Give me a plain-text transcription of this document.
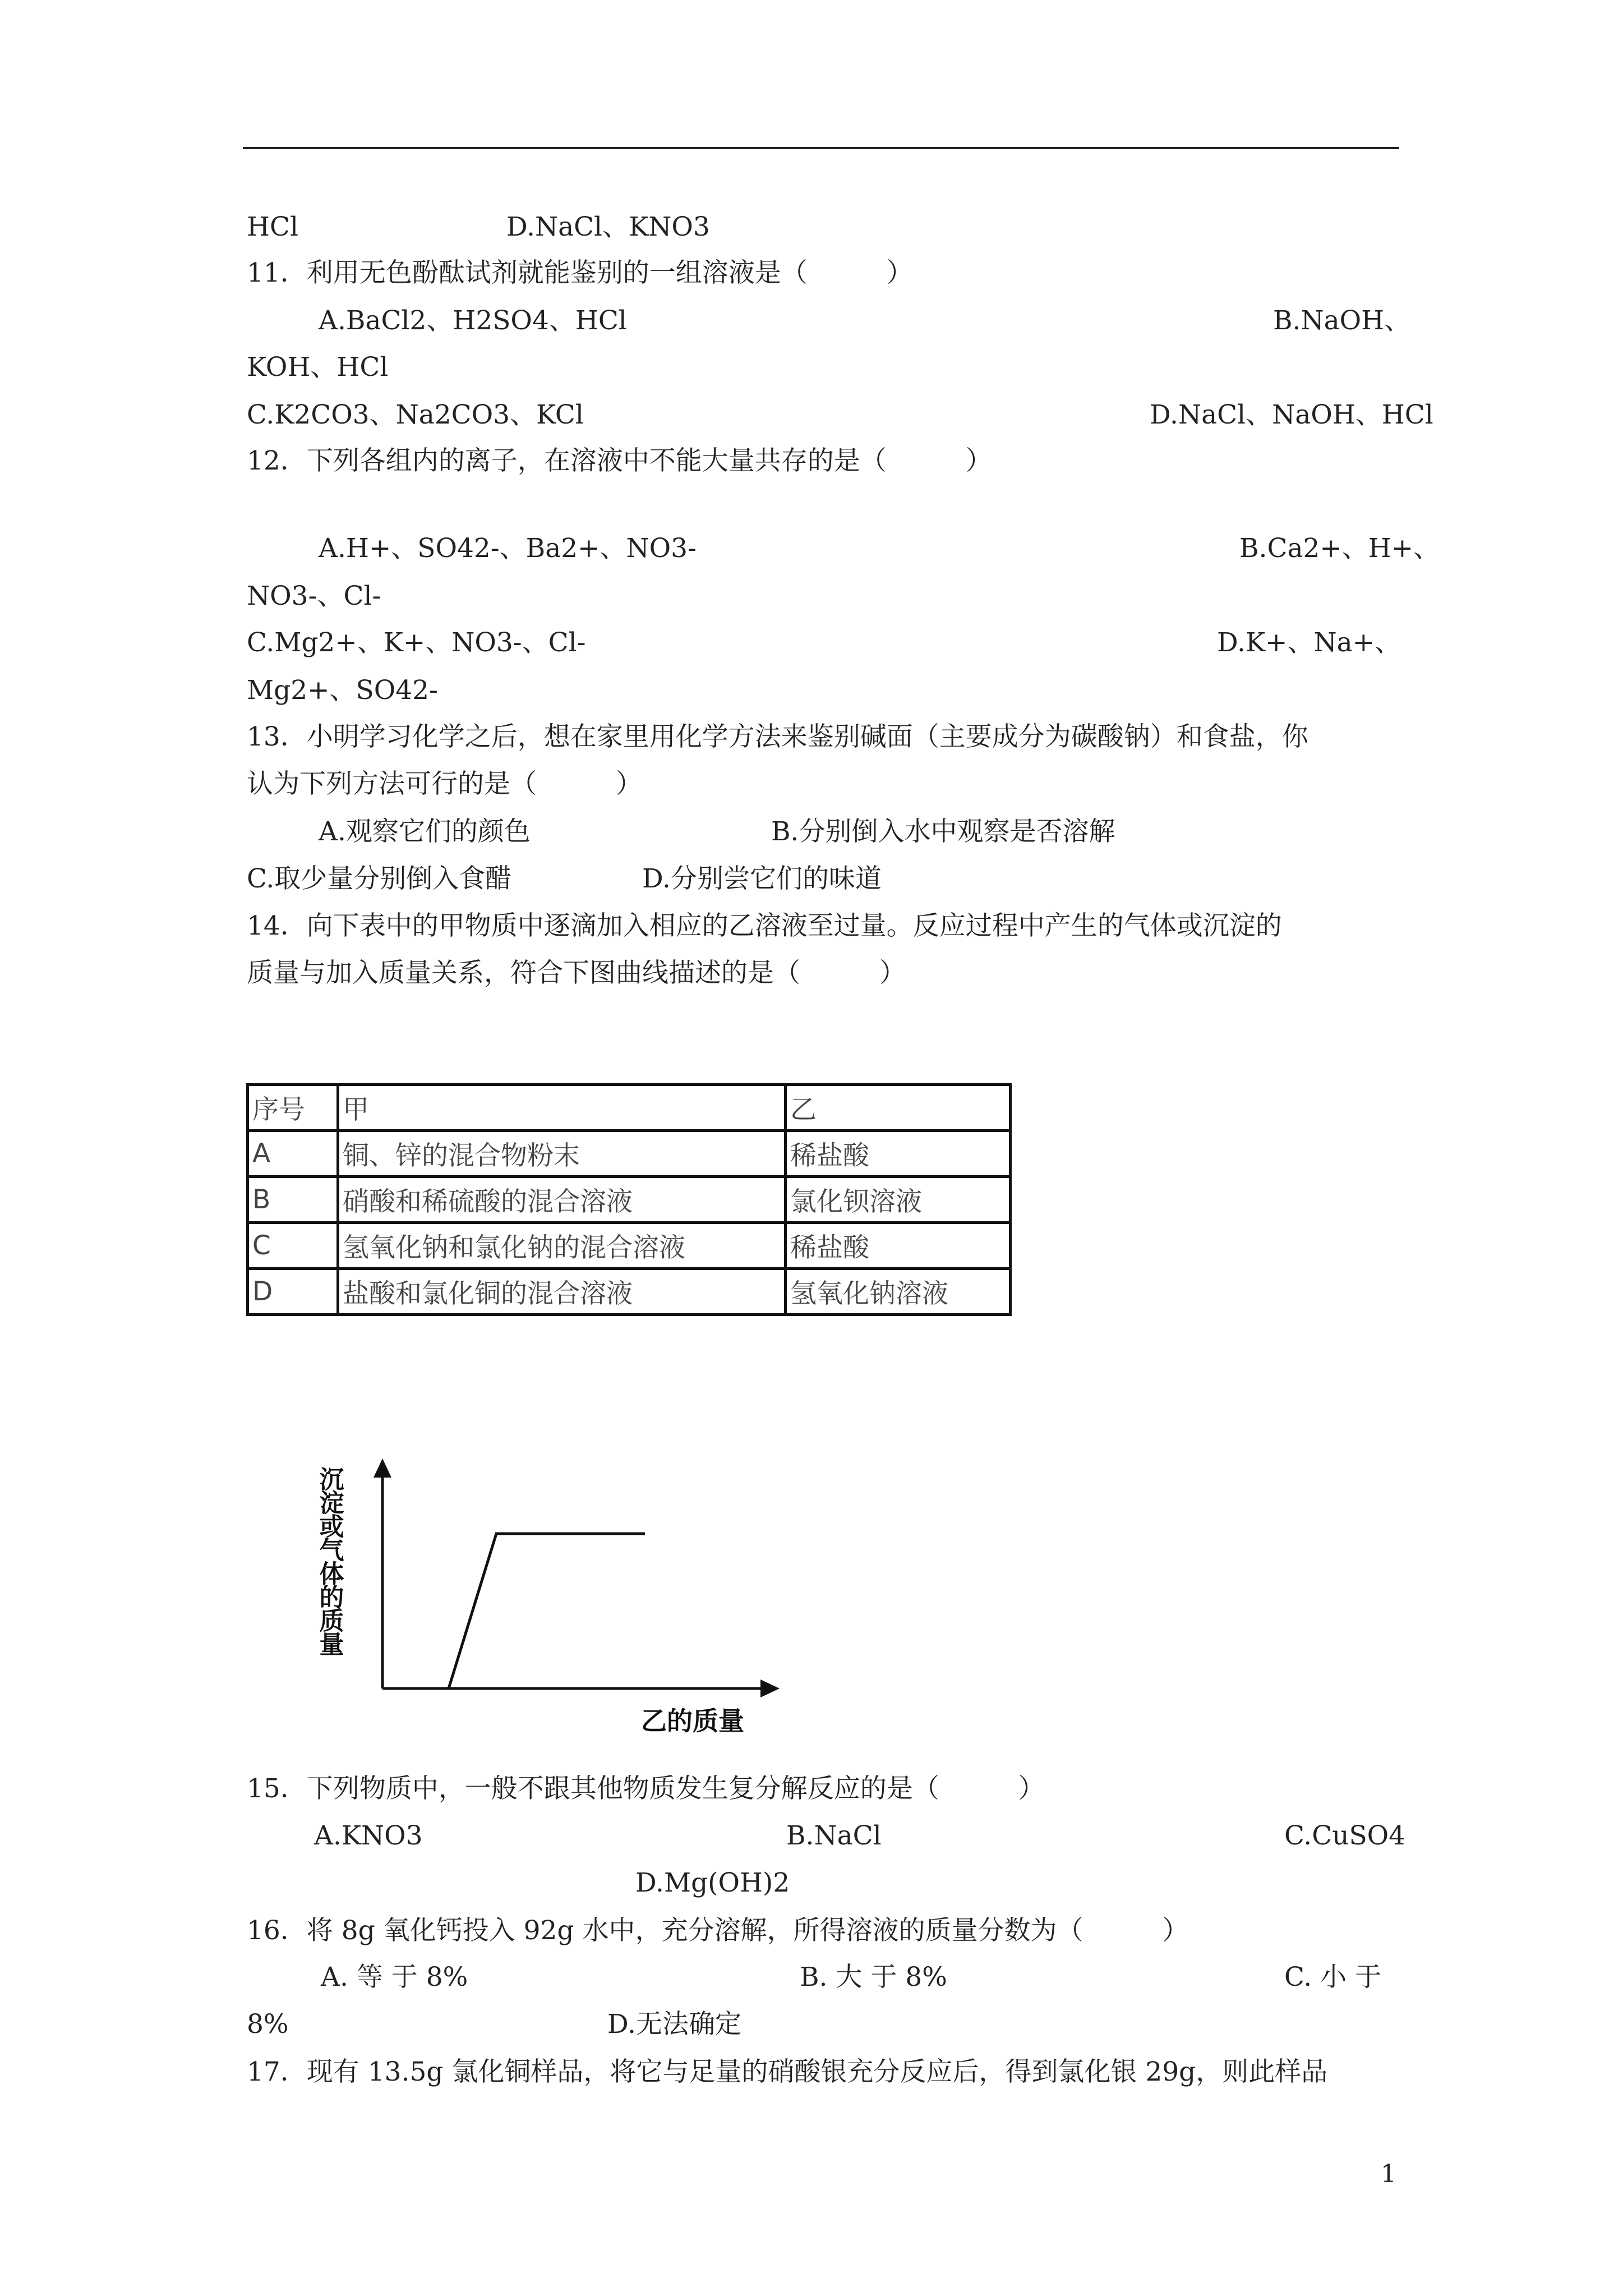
HCl	D.NaCl、KNO3
11．利用无色酚酞试剂就能鉴别的一组溶液是（　　　）
A.BaCl2、H2SO4、HCl	B.NaOH、
KOH、HCl
C.K2CO3、Na2CO3、KCl	D.NaCl、NaOH、HCl
12．下列各组内的离子，在溶液中不能大量共存的是（　　　）
A.H+、SO42-、Ba2+、NO3-	B.Ca2+、H+、
NO3-、Cl-
C.Mg2+、K+、NO3-、Cl-	D.K+、Na+、
Mg2+、SO42-
13．小明学习化学之后，想在家里用化学方法来鉴别碱面（主要成分为碳酸钠）和食盐，你
认为下列方法可行的是（　　　）
A.观察它们的颜色	B.分别倒入水中观察是否溶解
C.取少量分别倒入食醋	D.分别尝它们的味道
14．向下表中的甲物质中逐滴加入相应的乙溶液至过量。反应过程中产生的气体或沉淀的
质量与加入质量关系，符合下图曲线描述的是（　　　）
序号	甲	乙
A	铜、锌的混合物粉末	稀盐酸
B	硝酸和稀硫酸的混合溶液	氯化钡溶液
C	氢氧化钠和氯化钠的混合溶液	稀盐酸
D	盐酸和氯化铜的混合溶液	氢氧化钠溶液
沉淀或气体的质量
乙的质量
15．下列物质中，一般不跟其他物质发生复分解反应的是（　　　）
A.KNO3	B.NaCl	C.CuSO4
D.Mg(OH)2
16．将 8g 氧化钙投入 92g 水中，充分溶解，所得溶液的质量分数为（　　　）
A. 等 于 8%	B. 大 于 8%	C. 小 于
8%	D.无法确定
17．现有 13.5g 氯化铜样品，将它与足量的硝酸银充分反应后，得到氯化银 29g，则此样品
1
